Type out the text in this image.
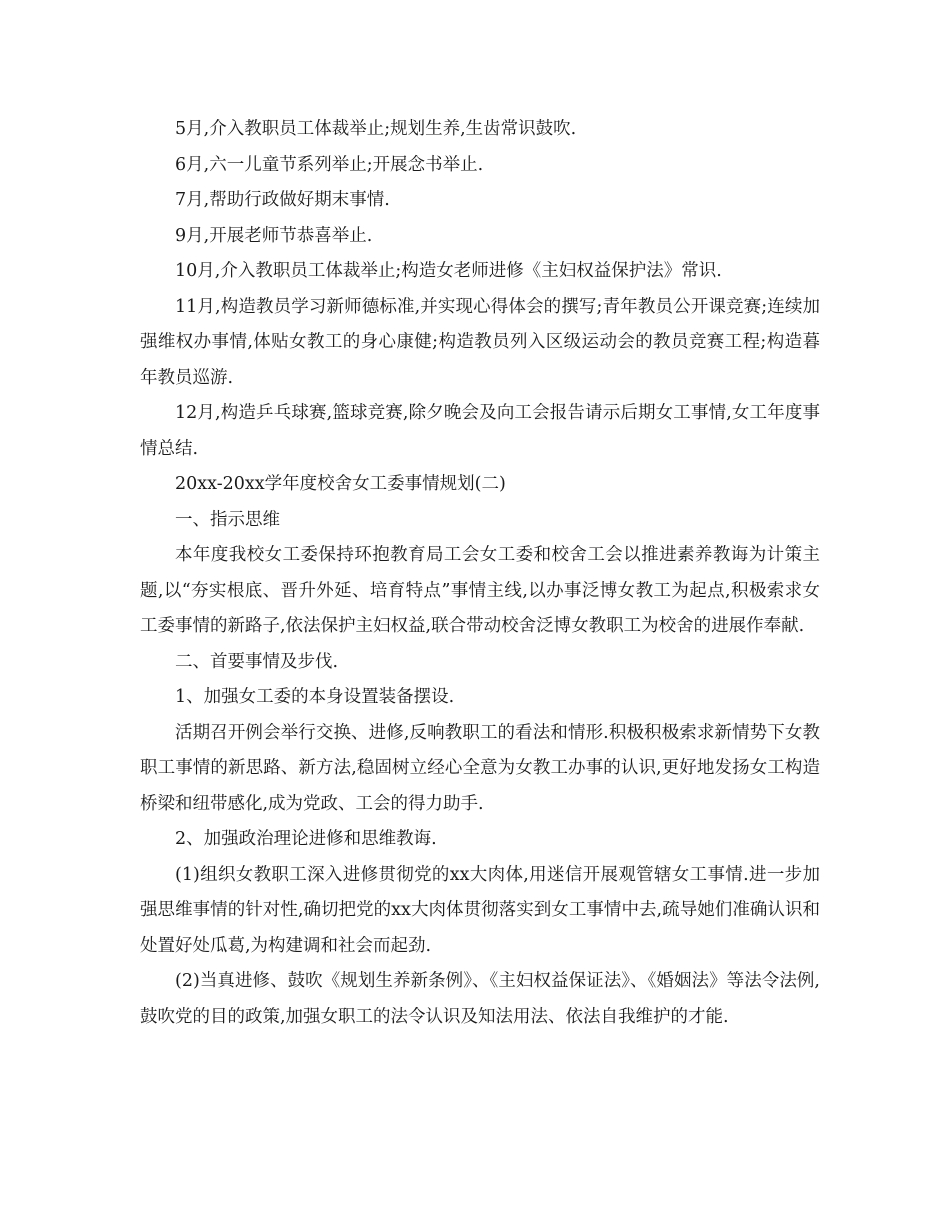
5月,介入教职员工体裁举止;规划生养,生齿常识鼓吹.

6月,六一儿童节系列举止;开展念书举止.

7月,帮助行政做好期末事情.

9月,开展老师节恭喜举止.

10月,介入教职员工体裁举止;构造女老师进修《主妇权益保护法》常识.

11月,构造教员学习新师德标准,并实现心得体会的撰写;青年教员公开课竞赛;连续加强维权办事情,体贴女教工的身心康健;构造教员列入区级运动会的教员竞赛工程;构造暮年教员巡游.

12月,构造乒乓球赛,篮球竞赛,除夕晚会及向工会报告请示后期女工事情,女工年度事情总结.

20xx-20xx学年度校舍女工委事情规划(二)

一、指示思维

本年度我校女工委保持环抱教育局工会女工委和校舍工会以推进素养教诲为计策主题,以“夯实根底、晋升外延、培育特点”事情主线,以办事泛博女教工为起点,积极索求女工委事情的新路子,依法保护主妇权益,联合带动校舍泛博女教职工为校舍的进展作奉献.

二、首要事情及步伐.

1、加强女工委的本身设置装备摆设.

活期召开例会举行交换、进修,反响教职工的看法和情形.积极积极索求新情势下女教职工事情的新思路、新方法,稳固树立经心全意为女教工办事的认识,更好地发扬女工构造桥梁和纽带感化,成为党政、工会的得力助手.

2、加强政治理论进修和思维教诲.

(1)组织女教职工深入进修贯彻党的xx大肉体,用迷信开展观管辖女工事情.进一步加强思维事情的针对性,确切把党的xx大肉体贯彻落实到女工事情中去,疏导她们准确认识和处置好处瓜葛,为构建调和社会而起劲.

(2)当真进修、鼓吹《规划生养新条例》、《主妇权益保证法》、《婚姻法》等法令法例,鼓吹党的目的政策,加强女职工的法令认识及知法用法、依法自我维护的才能.
